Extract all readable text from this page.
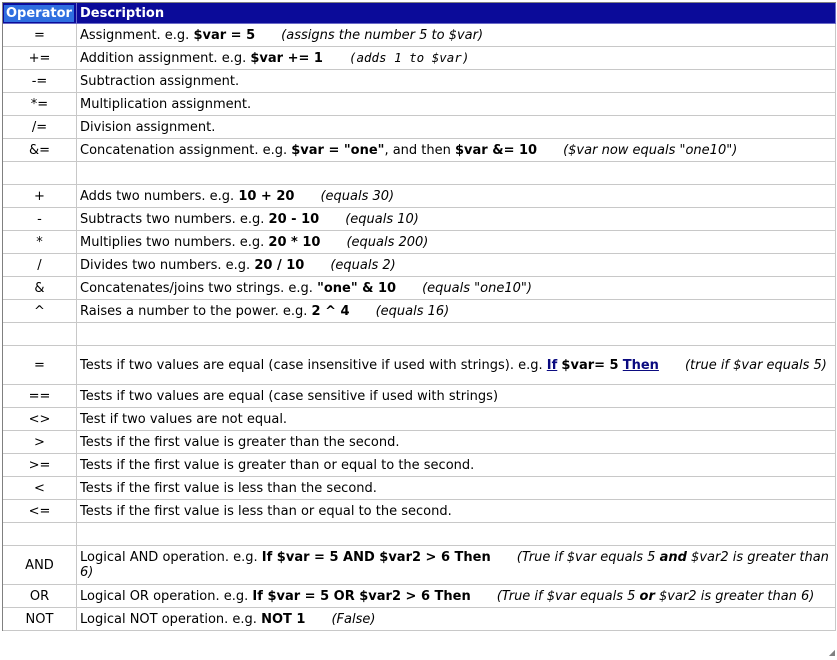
Operator	Description
=	Assignment. e.g. $var = 5 (assigns the number 5 to $var)
+=	Addition assignment. e.g. $var += 1 (adds 1 to $var)
-=	Subtraction assignment.
*=	Multiplication assignment.
/=	Division assignment.
&=	Concatenation assignment. e.g. $var = "one", and then $var &= 10 ($var now equals "one10")

+	Adds two numbers. e.g. 10 + 20 (equals 30)
-	Subtracts two numbers. e.g. 20 - 10 (equals 10)
*	Multiplies two numbers. e.g. 20 * 10 (equals 200)
/	Divides two numbers. e.g. 20 / 10 (equals 2)
&	Concatenates/joins two strings. e.g. "one" & 10 (equals "one10")
^	Raises a number to the power. e.g. 2 ^ 4 (equals 16)

=	Tests if two values are equal (case insensitive if used with strings). e.g. If $var= 5 Then (true if $var equals 5)
==	Tests if two values are equal (case sensitive if used with strings)
<>	Test if two values are not equal.
>	Tests if the first value is greater than the second.
>=	Tests if the first value is greater than or equal to the second.
<	Tests if the first value is less than the second.
<=	Tests if the first value is less than or equal to the second.

AND	Logical AND operation. e.g. If $var = 5 AND $var2 > 6 Then (True if $var equals 5 and $var2 is greater than 6)
OR	Logical OR operation. e.g. If $var = 5 OR $var2 > 6 Then (True if $var equals 5 or $var2 is greater than 6)
NOT	Logical NOT operation. e.g. NOT 1 (False)
◢
